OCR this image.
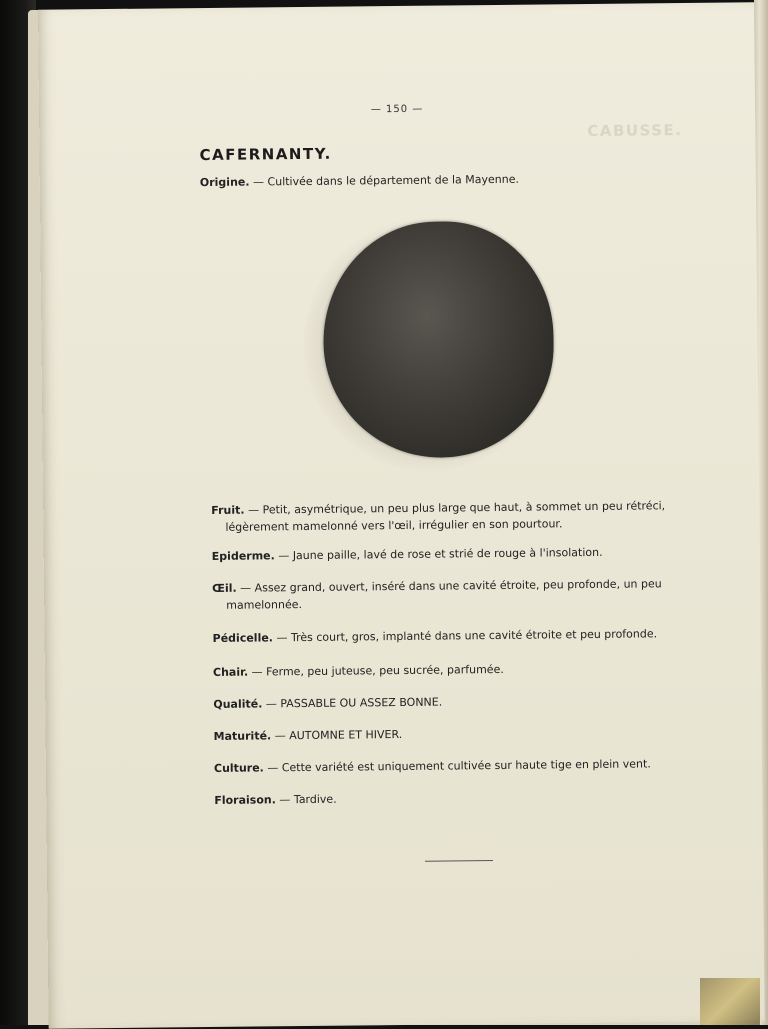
CABUSSE.
— 150 —
CAFERNANTY.
Origine. — Cultivée dans le département de la Mayenne.
Fruit. — Petit, asymétrique, un peu plus large que haut, à sommet un peu rétréci,
légèrement mamelonné vers l'œil, irrégulier en son pourtour.
Epiderme. — Jaune paille, lavé de rose et strié de rouge à l'insolation.
Œil. — Assez grand, ouvert, inséré dans une cavité étroite, peu profonde, un peu
mamelonnée.
Pédicelle. — Très court, gros, implanté dans une cavité étroite et peu profonde.
Chair. — Ferme, peu juteuse, peu sucrée, parfumée.
Qualité. — PASSABLE OU ASSEZ BONNE.
Maturité. — AUTOMNE ET HIVER.
Culture. — Cette variété est uniquement cultivée sur haute tige en plein vent.
Floraison. — Tardive.
